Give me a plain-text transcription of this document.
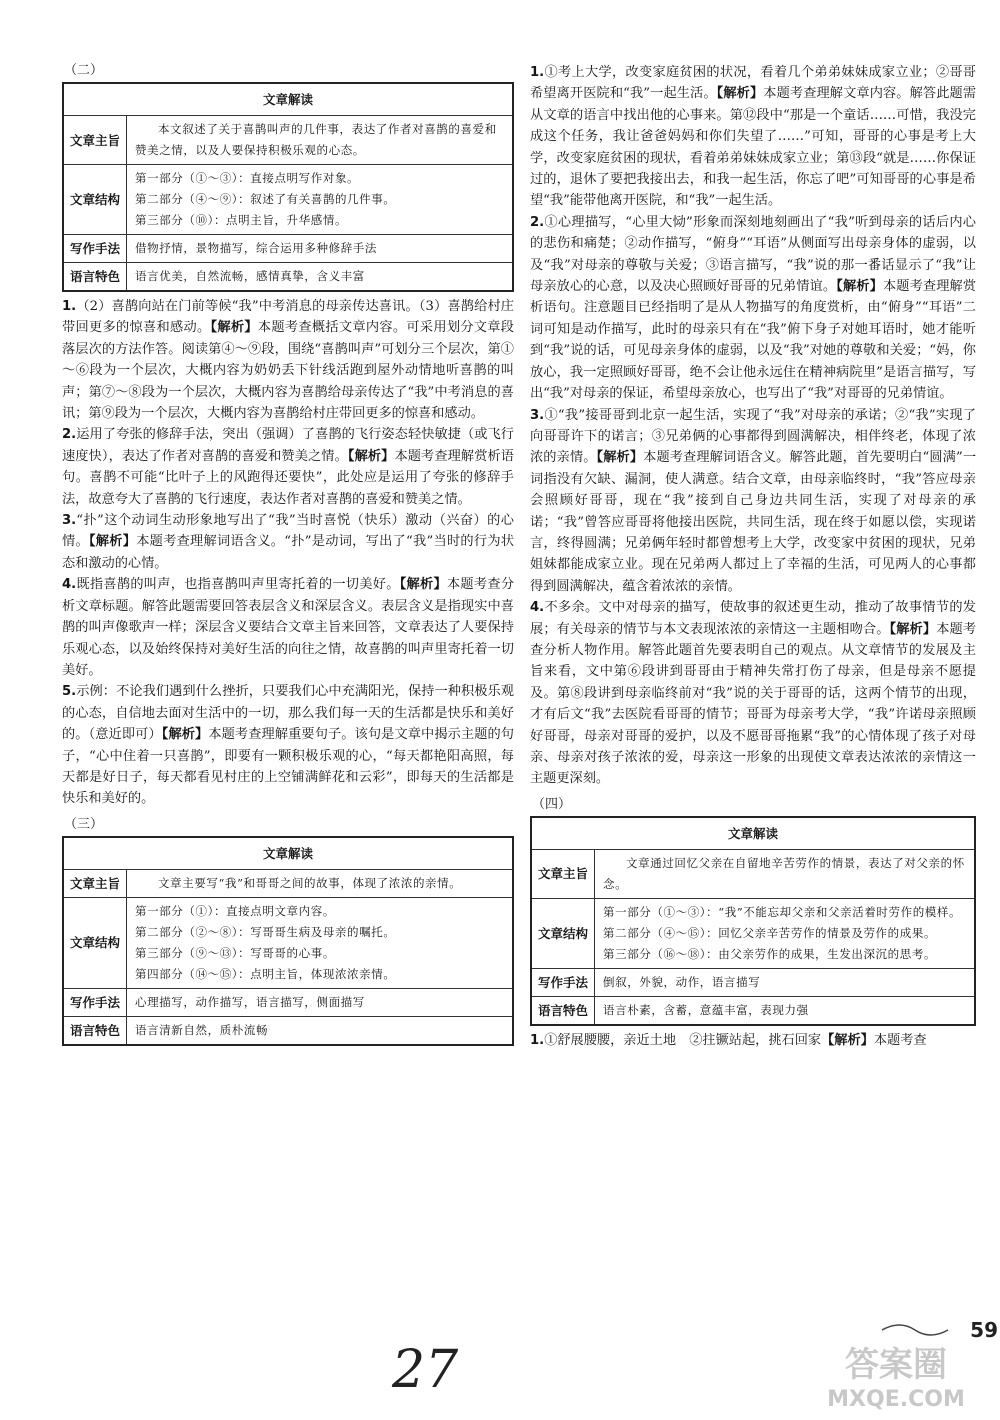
（二）
文章解读	
文章主旨	本文叙述了关于喜鹊叫声的几件事，表达了作者对喜鹊的喜爱和赞美之情，以及人要保持积极乐观的心态。

文章结构	第一部分（①～③）：直接点明写作对象。
第二部分（④～⑨）：叙述了有关喜鹊的几件事。
第三部分（⑩）：点明主旨，升华感情。

写作手法	借物抒情，景物描写，综合运用多种修辞手法

语言特色	语言优美，自然流畅，感情真挚，含义丰富

1.（2）喜鹊向站在门前等候“我”中考消息的母亲传达喜讯。（3）喜鹊给村庄带回更多的惊喜和感动。【解析】本题考查概括文章内容。可采用划分文章段落层次的方法作答。阅读第④～⑨段，围绕“喜鹊叫声”可划分三个层次，第①～⑥段为一个层次，大概内容为奶奶丢下针线活跑到屋外动情地听喜鹊的叫声；第⑦～⑧段为一个层次，大概内容为喜鹊给母亲传达了“我”中考消息的喜讯；第⑨段为一个层次，大概内容为喜鹊给村庄带回更多的惊喜和感动。

2.运用了夸张的修辞手法，突出（强调）了喜鹊的飞行姿态轻快敏捷（或飞行速度快），表达了作者对喜鹊的喜爱和赞美之情。【解析】本题考查理解赏析语句。喜鹊不可能“比叶子上的风跑得还要快”，此处应是运用了夸张的修辞手法，故意夸大了喜鹊的飞行速度，表达作者对喜鹊的喜爱和赞美之情。

3.“扑”这个动词生动形象地写出了“我”当时喜悦（快乐）激动（兴奋）的心情。【解析】本题考查理解词语含义。“扑”是动词，写出了“我”当时的行为状态和激动的心情。

4.既指喜鹊的叫声，也指喜鹊叫声里寄托着的一切美好。【解析】本题考查分析文章标题。解答此题需要回答表层含义和深层含义。表层含义是指现实中喜鹊的叫声像歌声一样；深层含义要结合文章主旨来回答，文章表达了人要保持乐观心态，以及始终保持对美好生活的向往之情，故喜鹊的叫声里寄托着一切美好。

5.示例：不论我们遇到什么挫折，只要我们心中充满阳光，保持一种积极乐观的心态，自信地去面对生活中的一切，那么我们每一天的生活都是快乐和美好的。（意近即可）【解析】本题考查理解重要句子。该句是文章中揭示主题的句子，“心中住着一只喜鹊”，即要有一颗积极乐观的心，“每天都艳阳高照，每天都是好日子，每天都看见村庄的上空铺满鲜花和云彩”，即每天的生活都是快乐和美好的。

（三）
文章解读	
文章主旨	文章主要写“我”和哥哥之间的故事，体现了浓浓的亲情。

文章结构	第一部分（①）：直接点明文章内容。
第二部分（②～⑧）：写哥哥生病及母亲的嘱托。
第三部分（⑨～⑬）：写哥哥的心事。
第四部分（⑭～⑮）：点明主旨，体现浓浓亲情。

写作手法	心理描写，动作描写，语言描写，侧面描写

语言特色	语言清新自然，质朴流畅

1.①考上大学，改变家庭贫困的状况，看着几个弟弟妹妹成家立业；②哥哥希望离开医院和“我”一起生活。【解析】本题考查理解文章内容。解答此题需从文章的语言中找出他的心事来。第⑫段中“那是一个童话……可惜，我没完成这个任务，我让爸爸妈妈和你们失望了……”可知，哥哥的心事是考上大学，改变家庭贫困的现状，看着弟弟妹妹成家立业；第⑬段“就是……你保证过的，退休了要把我接出去，和我一起生活，你忘了吧”可知哥哥的心事是希望“我”能带他离开医院，和“我”一起生活。

2.①心理描写，“心里大恸”形象而深刻地刻画出了“我”听到母亲的话后内心的悲伤和痛楚；②动作描写，“俯身”“耳语”从侧面写出母亲身体的虚弱，以及“我”对母亲的尊敬与关爱；③语言描写，“我”说的那一番话显示了“我”让母亲放心的心意，以及决心照顾好哥哥的兄弟情谊。【解析】本题考查理解赏析语句。注意题目已经指明了是从人物描写的角度赏析，由“俯身”“耳语”二词可知是动作描写，此时的母亲只有在“我”俯下身子对她耳语时，她才能听到“我”说的话，可见母亲身体的虚弱，以及“我”对她的尊敬和关爱；“妈，你放心，我一定照顾好哥哥，绝不会让他永远住在精神病院里”是语言描写，写出“我”对母亲的保证，希望母亲放心，也写出了“我”对哥哥的兄弟情谊。

3.①“我”接哥哥到北京一起生活，实现了“我”对母亲的承诺；②“我”实现了向哥哥许下的诺言；③兄弟俩的心事都得到圆满解决，相伴终老，体现了浓浓的亲情。【解析】本题考查理解词语含义。解答此题，首先要明白“圆满”一词指没有欠缺、漏洞，使人满意。结合文章，由母亲临终时，“我”答应母亲会照顾好哥哥，现在“我”接到自己身边共同生活，实现了对母亲的承诺；“我”曾答应哥哥将他接出医院，共同生活，现在终于如愿以偿，实现诺言，终得圆满；兄弟俩年轻时都曾想考上大学，改变家中贫困的现状，兄弟姐妹都能成家立业。现在兄弟两人都过上了幸福的生活，可见两人的心事都得到圆满解决，蕴含着浓浓的亲情。

4.不多余。文中对母亲的描写，使故事的叙述更生动，推动了故事情节的发展；有关母亲的情节与本文表现浓浓的亲情这一主题相吻合。【解析】本题考查分析人物作用。解答此题首先要表明自己的观点。从文章情节的发展及主旨来看，文中第⑥段讲到哥哥由于精神失常打伤了母亲，但是母亲不愿提及。第⑧段讲到母亲临终前对“我”说的关于哥哥的话，这两个情节的出现，才有后文“我”去医院看哥哥的情节；哥哥为母亲考大学，“我”许诺母亲照顾好哥哥，母亲对哥哥的爱护，以及不愿哥哥拖累“我”的心情体现了孩子对母亲、母亲对孩子浓浓的爱，母亲这一形象的出现使文章表达浓浓的亲情这一主题更深刻。

（四）
文章解读	
文章主旨	文章通过回忆父亲在自留地辛苦劳作的情景，表达了对父亲的怀念。

文章结构	第一部分（①～③）：“我”不能忘却父亲和父亲活着时劳作的模样。
第二部分（④～⑮）：回忆父亲辛苦劳作的情景及劳作的成果。
第三部分（⑯～⑱）：由父亲劳作的成果，生发出深沉的思考。

写作手法	倒叙，外貌，动作，语言描写

语言特色	语言朴素，含蓄，意蕴丰富，表现力强

1.①舒展腰腰，亲近土地　②拄镢站起，挑石回家【解析】本题考查

59
27	答案圈
MXQE.COM
